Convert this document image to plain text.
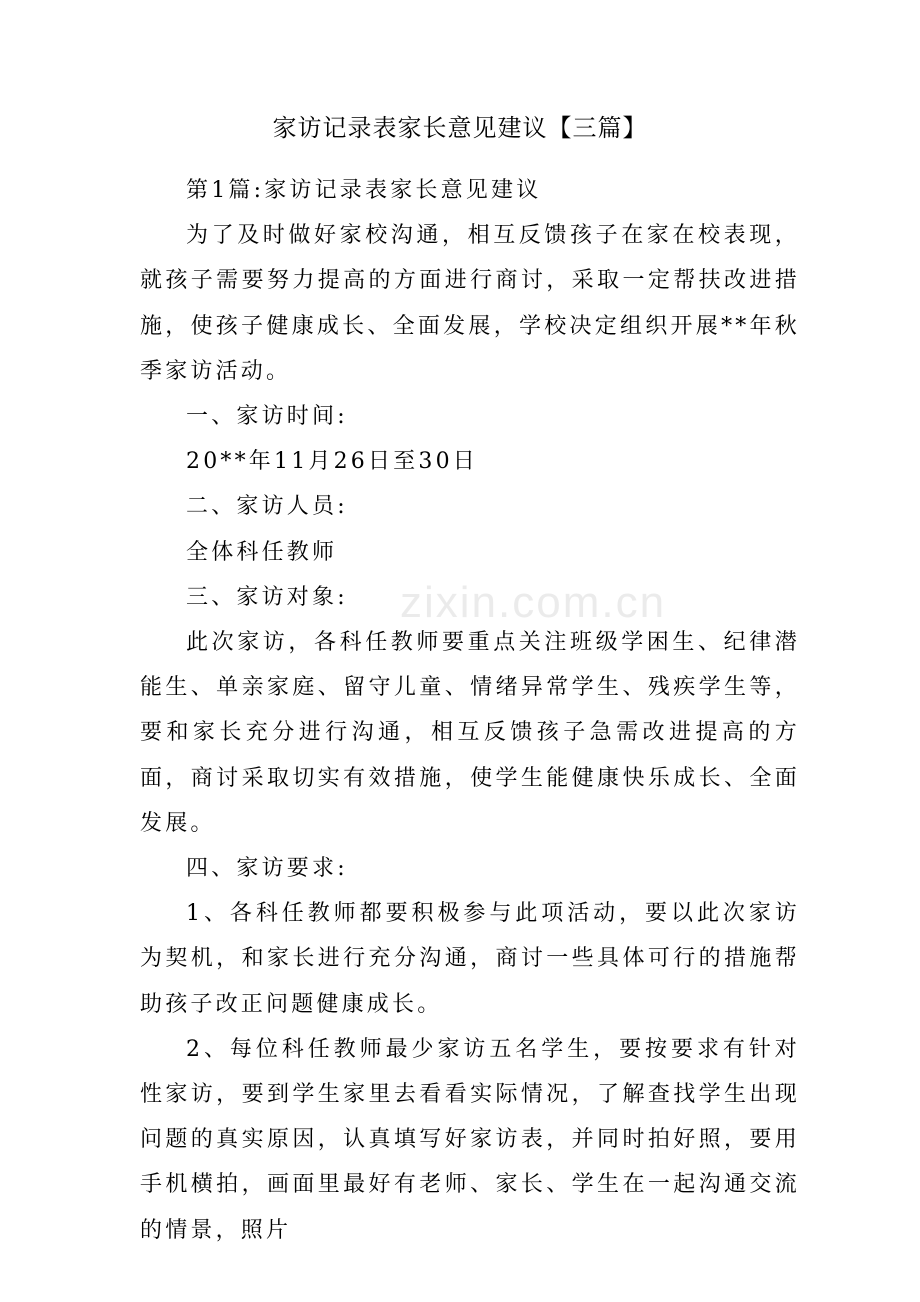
家访记录表家长意见建议【三篇】

第1篇:家访记录表家长意见建议

为了及时做好家校沟通，相互反馈孩子在家在校表现，就孩子需要努力提高的方面进行商讨，采取一定帮扶改进措施，使孩子健康成长、全面发展，学校决定组织开展**年秋季家访活动。

一、家访时间:

20**年11月26日至30日

二、家访人员:

全体科任教师

三、家访对象:

此次家访，各科任教师要重点关注班级学困生、纪律潜能生、单亲家庭、留守儿童、情绪异常学生、残疾学生等，要和家长充分进行沟通，相互反馈孩子急需改进提高的方面，商讨采取切实有效措施，使学生能健康快乐成长、全面发展。

四、家访要求:

1、各科任教师都要积极参与此项活动，要以此次家访为契机，和家长进行充分沟通，商讨一些具体可行的措施帮助孩子改正问题健康成长。

2、每位科任教师最少家访五名学生，要按要求有针对性家访，要到学生家里去看看实际情况，了解查找学生出现问题的真实原因，认真填写好家访表，并同时拍好照，要用手机横拍，画面里最好有老师、家长、学生在一起沟通交流的情景，照片

zixin.com.cn
